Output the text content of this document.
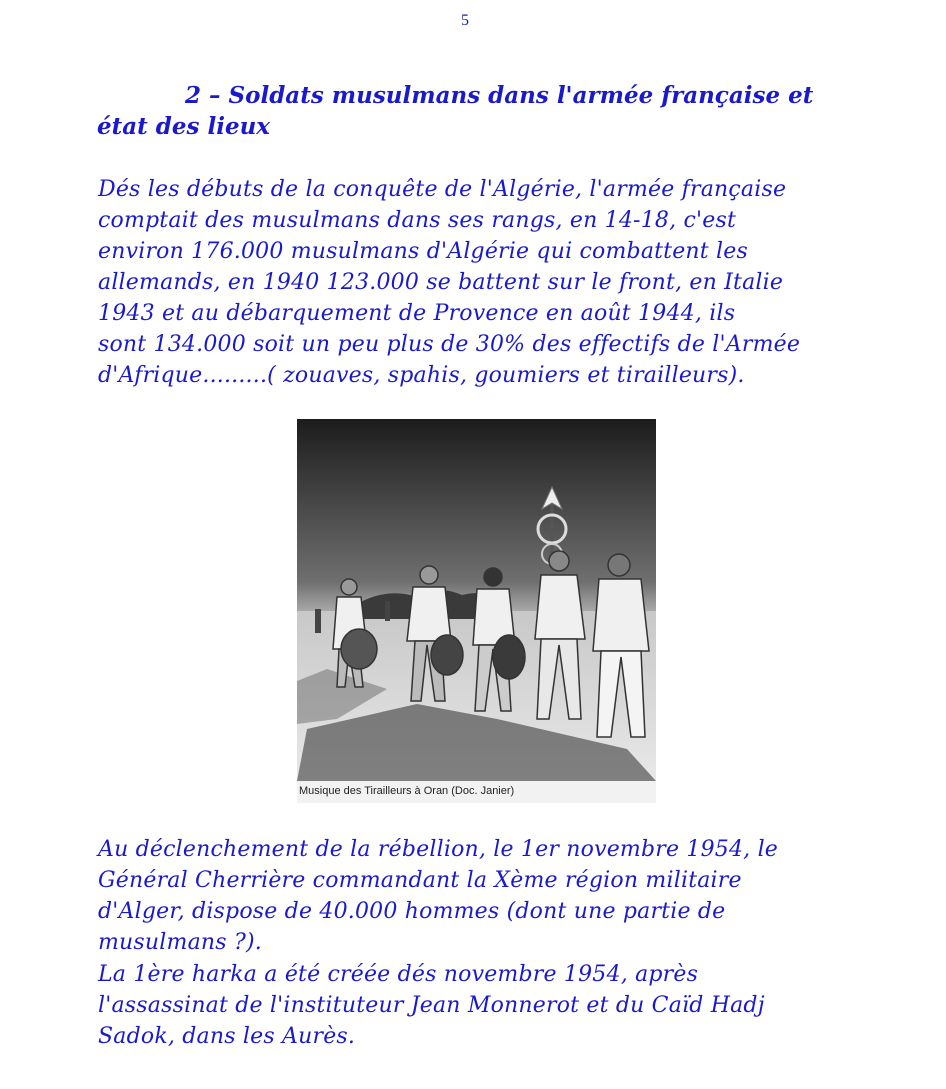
5
2 – Soldats musulmans dans l'armée française et
état des lieux

Dés les débuts de la conquête de l'Algérie, l'armée française
comptait des musulmans dans ses rangs, en 14-18, c'est
environ 176.000 musulmans d'Algérie qui combattent les
allemands, en 1940 123.000 se battent sur le front, en Italie
1943 et au débarquement de Provence en août 1944, ils
sont 134.000 soit un peu plus de 30% des effectifs de l'Armée
d'Afrique.........( zouaves, spahis, goumiers et tirailleurs).

Musique des Tirailleurs à Oran (Doc. Janier)

Au déclenchement de la rébellion, le 1er novembre 1954, le
Général Cherrière commandant la Xème région militaire
d'Alger, dispose de 40.000 hommes (dont une partie de
musulmans ?).

La 1ère harka a été créée dés novembre 1954, après
l'assassinat de l'instituteur Jean Monnerot et du Caïd Hadj
Sadok, dans les Aurès.
